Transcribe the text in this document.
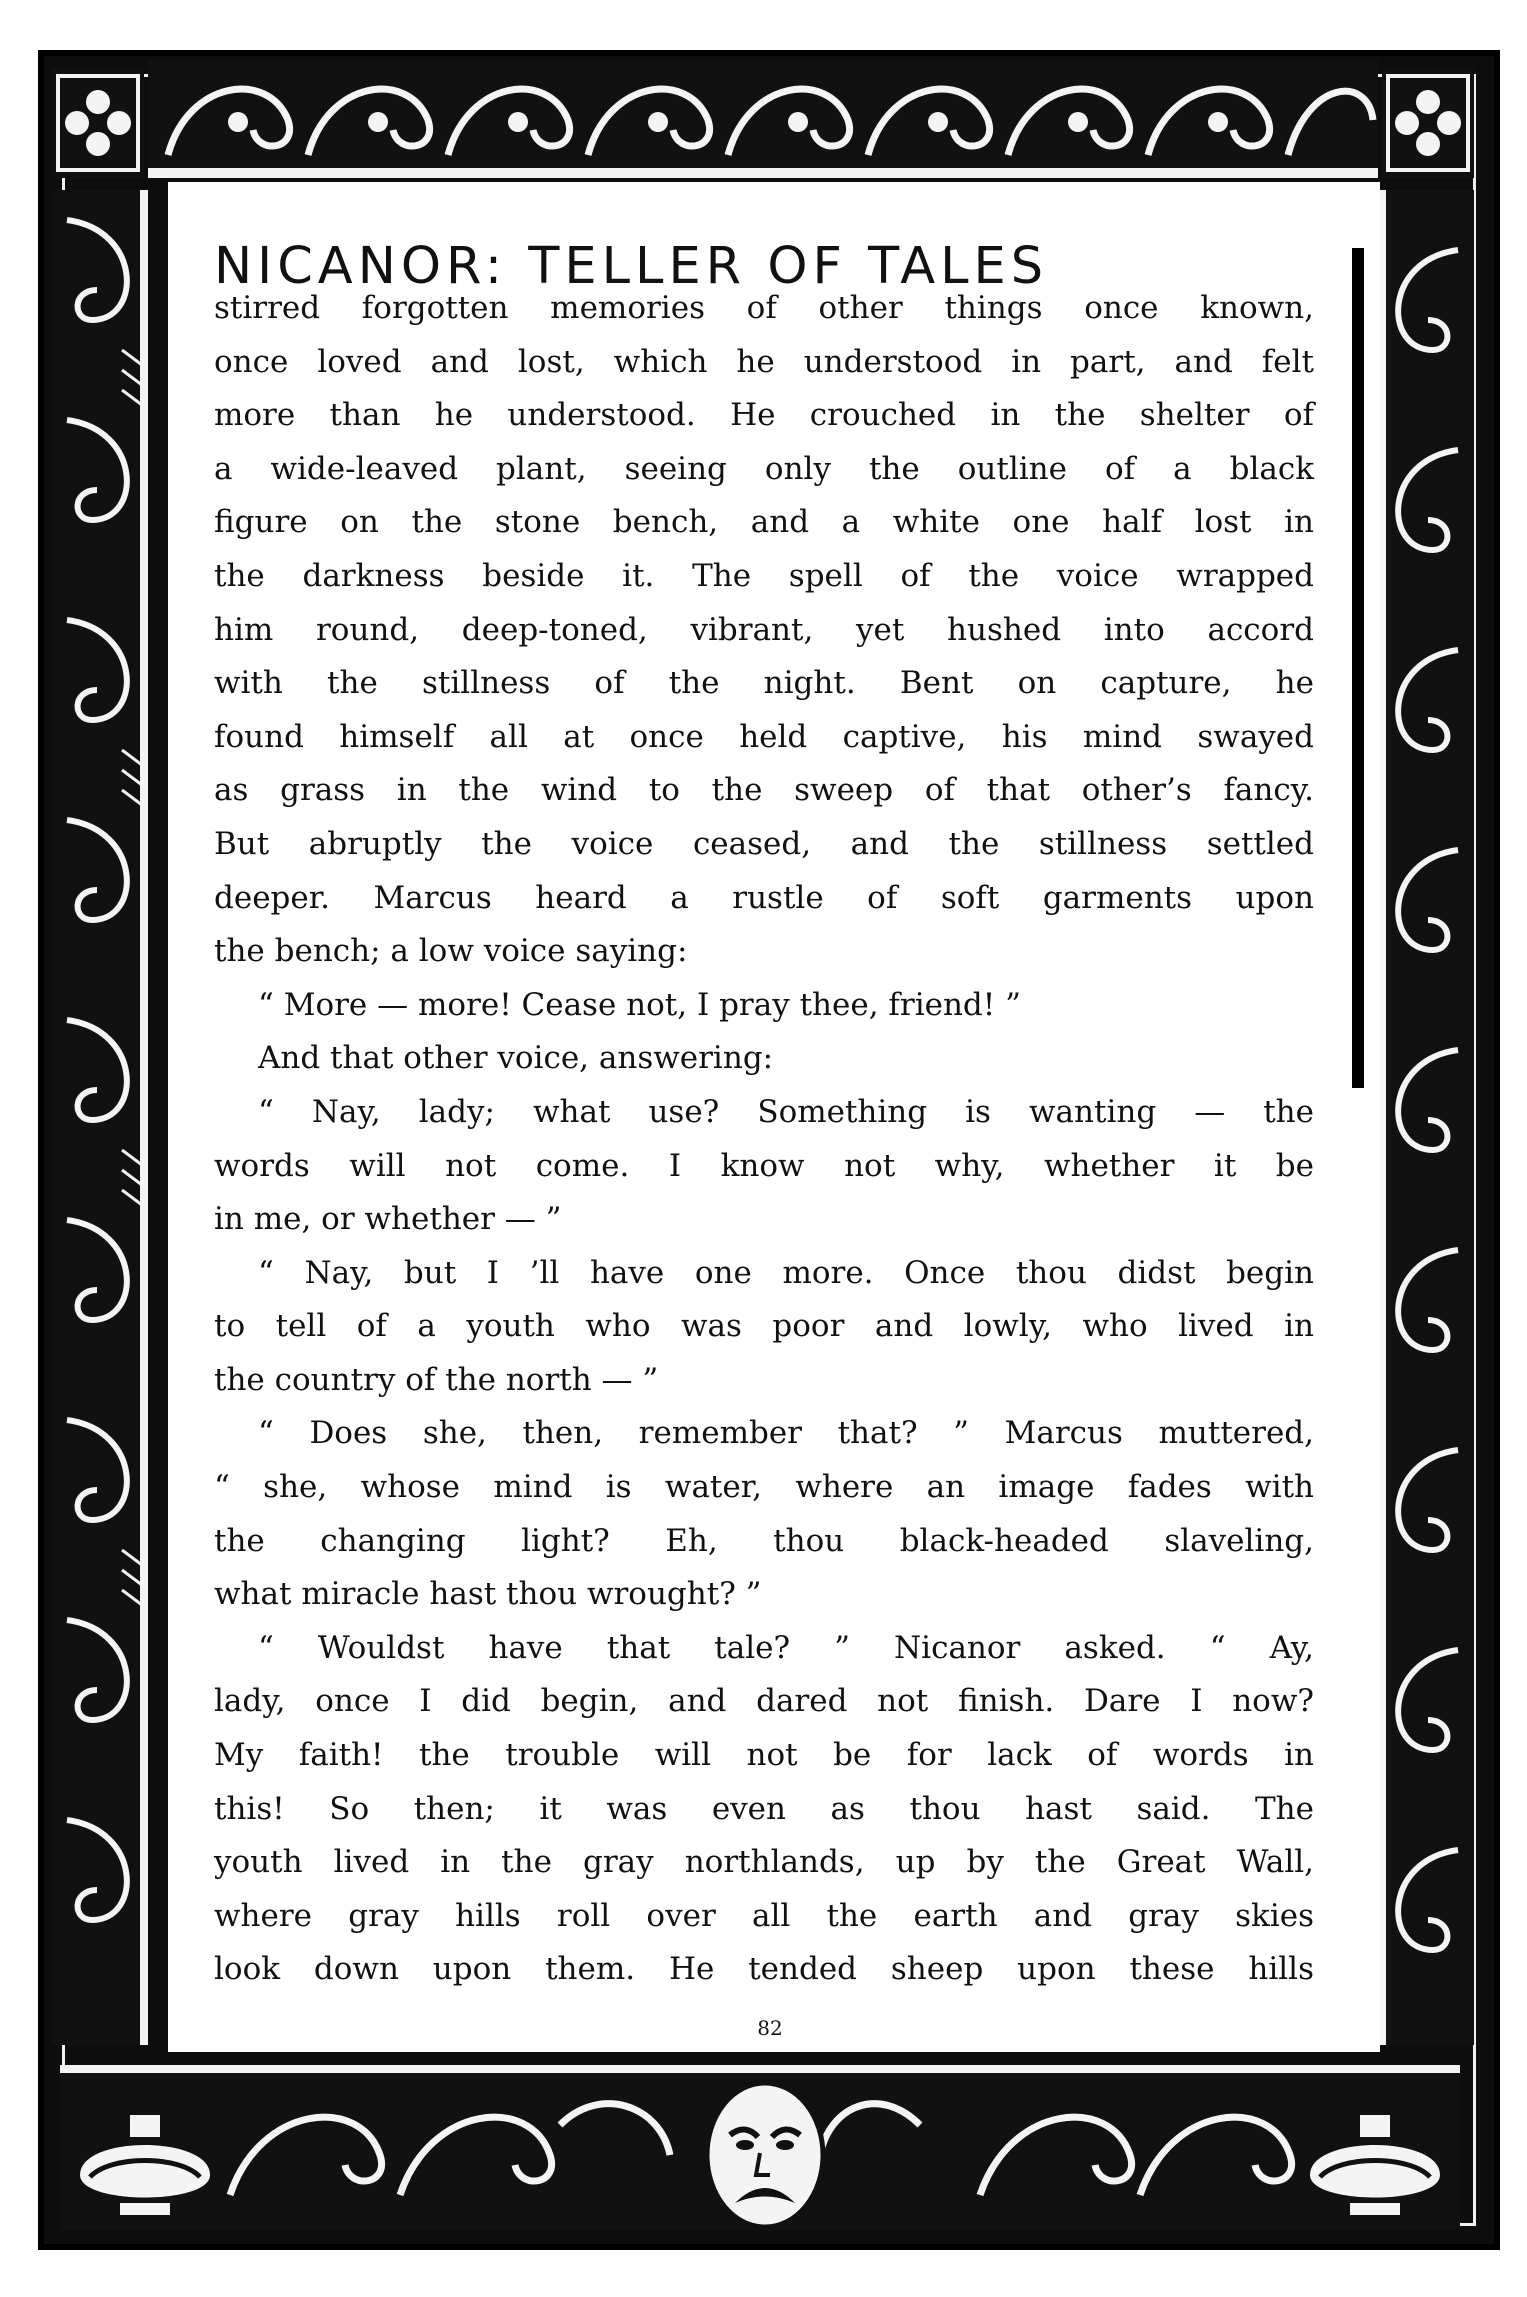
NICANOR: TELLER OF TALES
stirred forgotten memories of other things once known,
once loved and lost, which he understood in part, and felt
more than he understood. He crouched in the shelter of
a wide-leaved plant, seeing only the outline of a black
figure on the stone bench, and a white one half lost in
the darkness beside it. The spell of the voice wrapped
him round, deep-toned, vibrant, yet hushed into accord
with the stillness of the night. Bent on capture, he
found himself all at once held captive, his mind swayed
as grass in the wind to the sweep of that other’s fancy.
But abruptly the voice ceased, and the stillness settled
deeper. Marcus heard a rustle of soft garments upon
the bench; a low voice saying:
“ More — more! Cease not, I pray thee, friend! ”
And that other voice, answering:
“ Nay, lady; what use? Something is wanting — the
words will not come. I know not why, whether it be
in me, or whether — ”
“ Nay, but I ’ll have one more. Once thou didst begin
to tell of a youth who was poor and lowly, who lived in
the country of the north — ”
“ Does she, then, remember that? ” Marcus muttered,
“ she, whose mind is water, where an image fades with
the changing light? Eh, thou black-headed slaveling,
what miracle hast thou wrought? ”
“ Wouldst have that tale? ” Nicanor asked. “ Ay,
lady, once I did begin, and dared not finish. Dare I now?
My faith! the trouble will not be for lack of words in
this! So then; it was even as thou hast said. The
youth lived in the gray northlands, up by the Great Wall,
where gray hills roll over all the earth and gray skies
look down upon them. He tended sheep upon these hills
82
